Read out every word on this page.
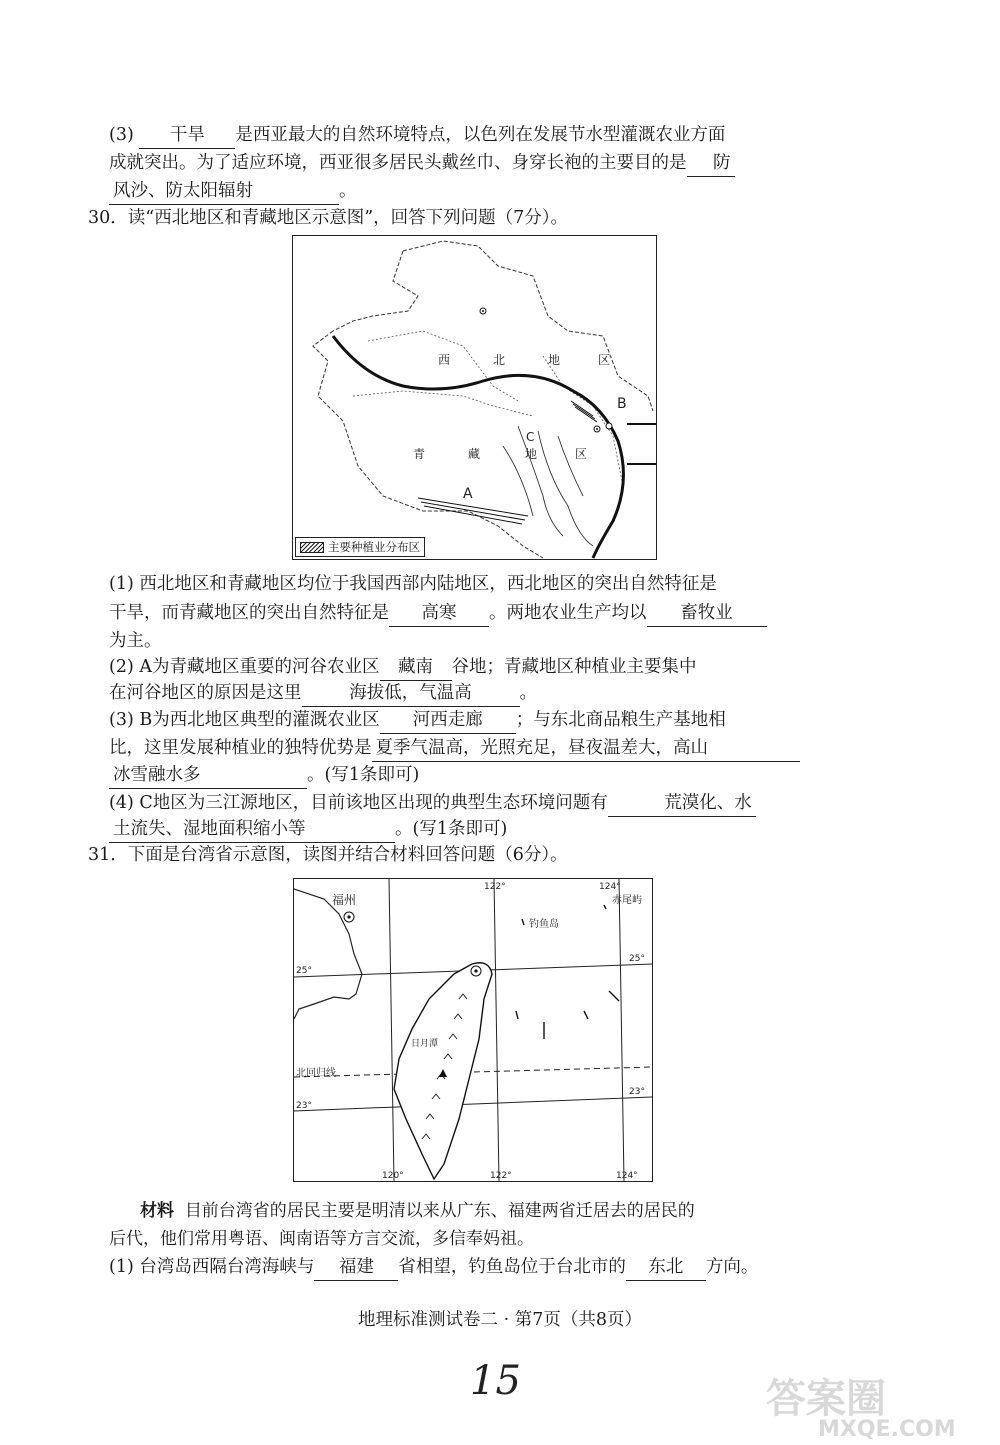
(3) 干旱 是西亚最大的自然环境特点，以色列在发展节水型灌溉农业方面
成就突出。为了适应环境，西亚很多居民头戴丝巾、身穿长袍的主要目的是 防
风沙、防太阳辐射	。
30．读“西北地区和青藏地区示意图”，回答下列问题（7分）。
西	北	地	区
青	藏
C
地	区
A
B
主要种植业分布区
(1) 西北地区和青藏地区均位于我国西部内陆地区，西北地区的突出自然特征是
干旱，而青藏地区的突出自然特征是 高寒 。两地农业生产均以 畜牧业
为主。
(2) A为青藏地区重要的河谷农业区 藏南 谷地；青藏地区种植业主要集中
在河谷地区的原因是这里	海拔低，气温高	。
(3) B为西北地区典型的灌溉农业区 河西走廊 ；与东北商品粮生产基地相
比，这里发展种植业的独特优势是 夏季气温高，光照充足，昼夜温差大，高山
冰雪融水多	。(写1条即可)
(4) C地区为三江源地区，目前该地区出现的典型生态环境问题有	荒漠化、水
土流失、湿地面积缩小等	。(写1条即可)
31．下面是台湾省示意图，读图并结合材料回答问题（6分）。
福州
钓鱼岛
赤尾屿
北回归线
日月潭
122°	124°
120°	122°	124°
25°
25°
23°
23°
材料 目前台湾省的居民主要是明清以来从广东、福建两省迁居去的居民的
后代，他们常用粤语、闽南语等方言交流，多信奉妈祖。
(1) 台湾岛西隔台湾海峡与 福建 省相望，钓鱼岛位于台北市的 东北 方向。
地理标准测试卷二 · 第7页（共8页）
15	答案圈
MXQE.COM
